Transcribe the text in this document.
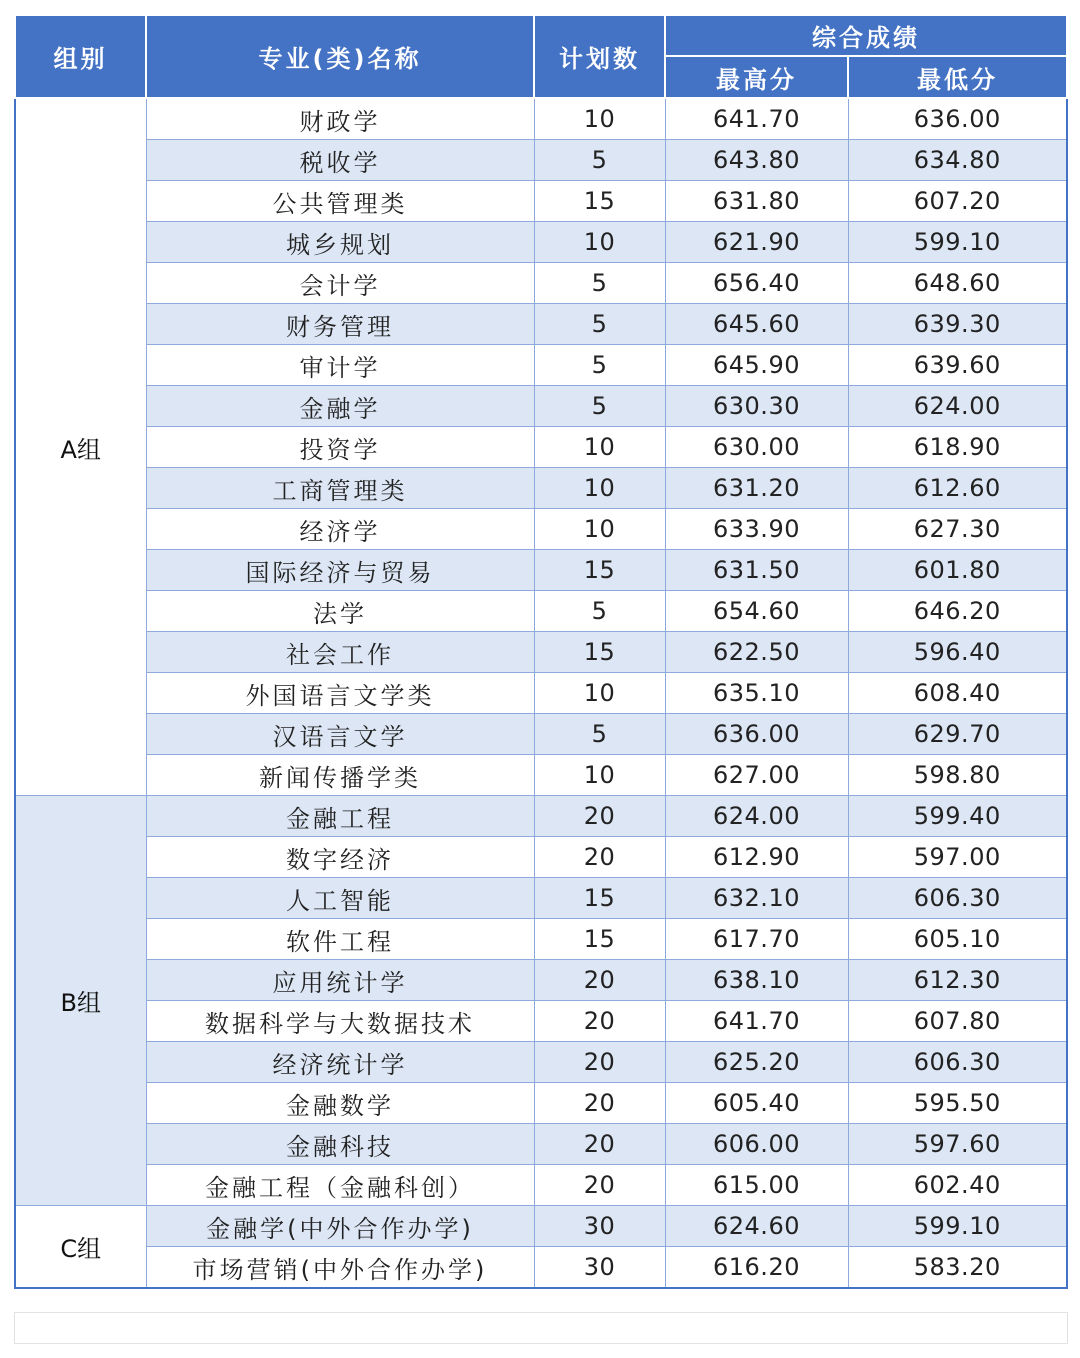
组别	专业(类)名称	计划数	综合成绩	
			最高分	最低分
A组	财政学	10	641.70	636.00
	税收学	5	643.80	634.80
	公共管理类	15	631.80	607.20
	城乡规划	10	621.90	599.10
	会计学	5	656.40	648.60
	财务管理	5	645.60	639.30
	审计学	5	645.90	639.60
	金融学	5	630.30	624.00
	投资学	10	630.00	618.90
	工商管理类	10	631.20	612.60
	经济学	10	633.90	627.30
	国际经济与贸易	15	631.50	601.80
	法学	5	654.60	646.20
	社会工作	15	622.50	596.40
	外国语言文学类	10	635.10	608.40
	汉语言文学	5	636.00	629.70
	新闻传播学类	10	627.00	598.80
B组	金融工程	20	624.00	599.40
	数字经济	20	612.90	597.00
	人工智能	15	632.10	606.30
	软件工程	15	617.70	605.10
	应用统计学	20	638.10	612.30
	数据科学与大数据技术	20	641.70	607.80
	经济统计学	20	625.20	606.30
	金融数学	20	605.40	595.50
	金融科技	20	606.00	597.60
	金融工程（金融科创）	20	615.00	602.40
C组	金融学(中外合作办学)	30	624.60	599.10
	市场营销(中外合作办学)	30	616.20	583.20
